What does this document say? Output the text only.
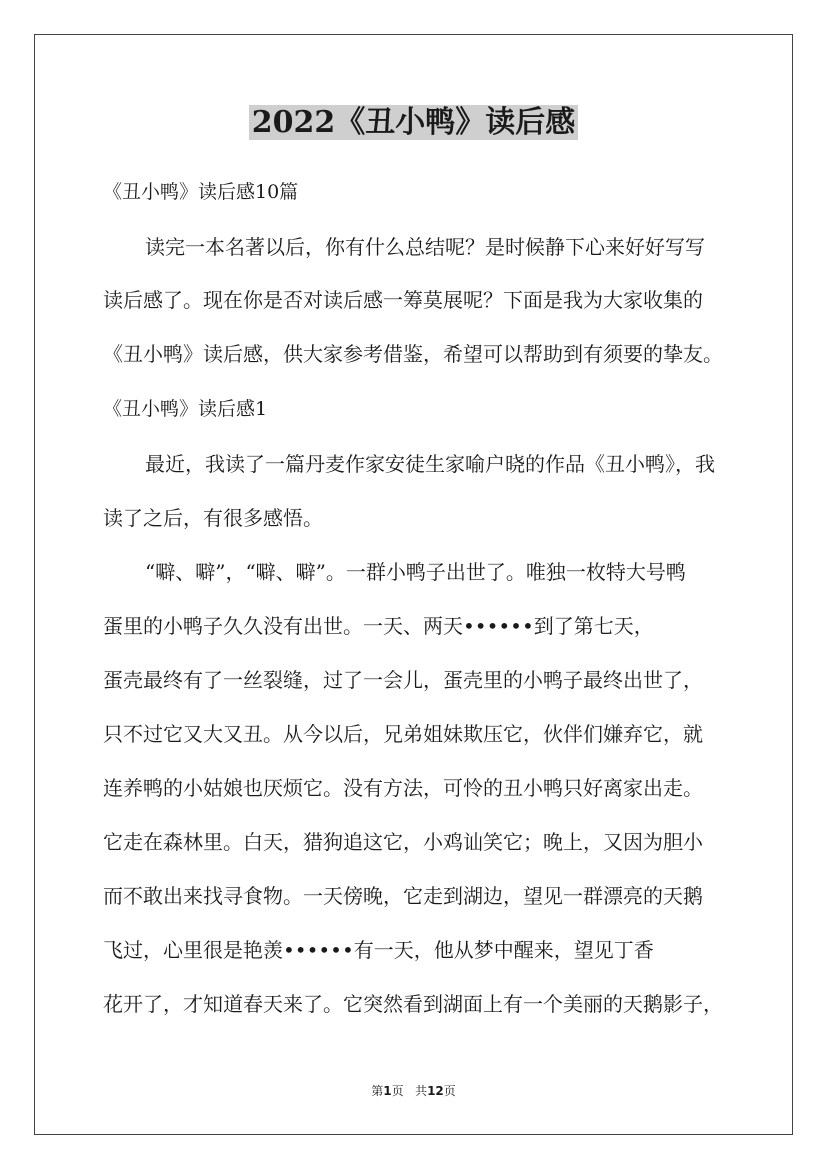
2022《丑小鸭》读后感
《丑小鸭》读后感10篇
读完一本名著以后，你有什么总结呢？是时候静下心来好好写写
读后感了。现在你是否对读后感一筹莫展呢？下面是我为大家收集的
《丑小鸭》读后感，供大家参考借鉴，希望可以帮助到有须要的挚友。
《丑小鸭》读后感1
最近，我读了一篇丹麦作家安徒生家喻户晓的作品《丑小鸭》，我
读了之后，有很多感悟。
“噼、噼”，“噼、噼”。一群小鸭子出世了。唯独一枚特大号鸭
蛋里的小鸭子久久没有出世。一天、两天••••••到了第七天，
蛋壳最终有了一丝裂缝，过了一会儿，蛋壳里的小鸭子最终出世了，
只不过它又大又丑。从今以后，兄弟姐妹欺压它，伙伴们嫌弃它，就
连养鸭的小姑娘也厌烦它。没有方法，可怜的丑小鸭只好离家出走。
它走在森林里。白天，猎狗追这它，小鸡讪笑它；晚上，又因为胆小
而不敢出来找寻食物。一天傍晚，它走到湖边，望见一群漂亮的天鹅
飞过，心里很是艳羡••••••有一天，他从梦中醒来，望见丁香
花开了，才知道春天来了。它突然看到湖面上有一个美丽的天鹅影子，
第1页 共12页
